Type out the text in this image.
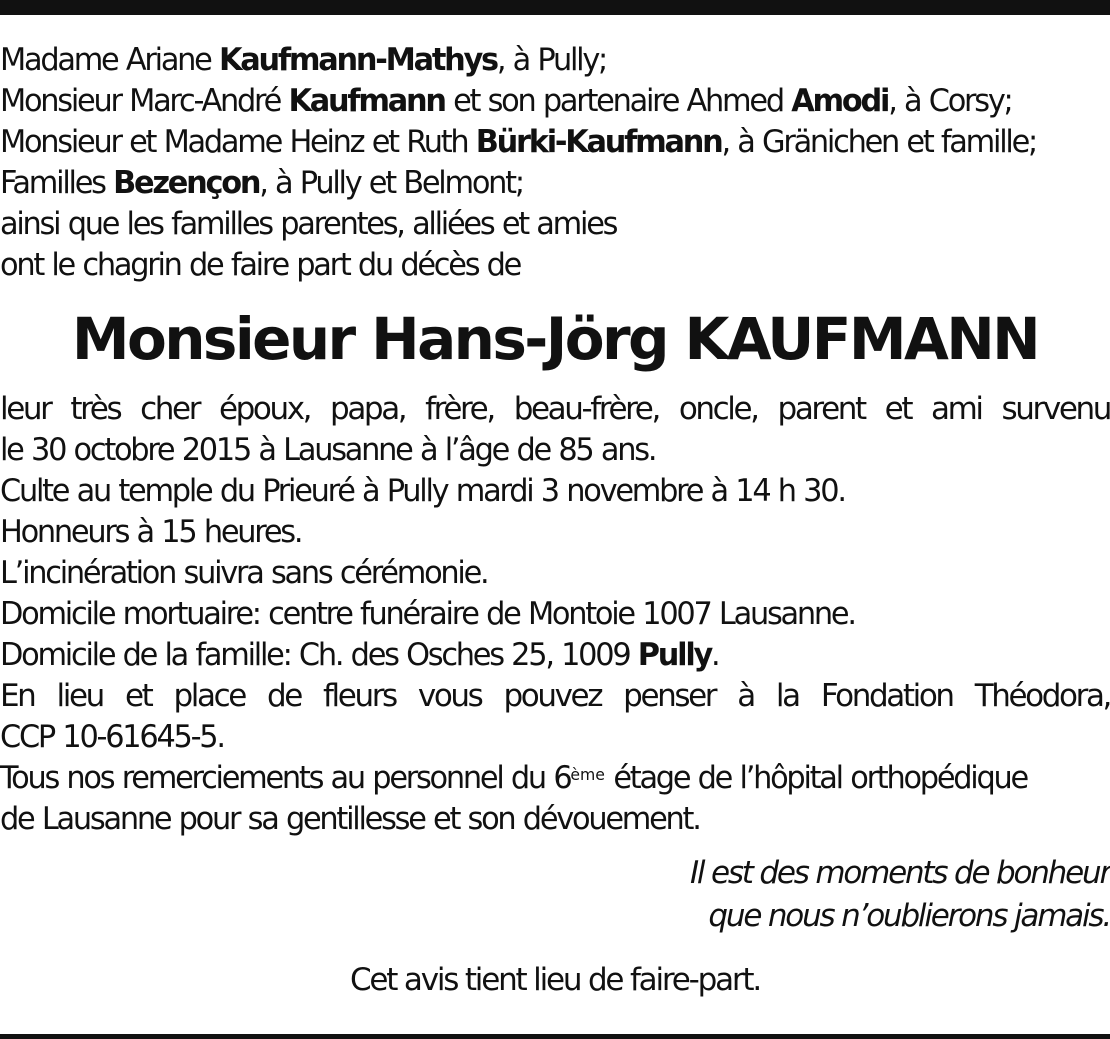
Madame Ariane Kaufmann-Mathys, à Pully;
Monsieur Marc-André Kaufmann et son partenaire Ahmed Amodi, à Corsy;
Monsieur et Madame Heinz et Ruth Bürki-Kaufmann, à Gränichen et famille;
Familles Bezençon, à Pully et Belmont;
ainsi que les familles parentes, alliées et amies
ont le chagrin de faire part du décès de
Monsieur Hans-Jörg KAUFMANN
leur très cher époux, papa, frère, beau-frère, oncle, parent et ami survenu
le 30 octobre 2015 à Lausanne à l’âge de 85 ans.
Culte au temple du Prieuré à Pully mardi 3 novembre à 14 h 30.
Honneurs à 15 heures.
L’incinération suivra sans cérémonie.
Domicile mortuaire: centre funéraire de Montoie 1007 Lausanne.
Domicile de la famille: Ch. des Osches 25, 1009 Pully.
En lieu et place de fleurs vous pouvez penser à la Fondation Théodora,
CCP 10-61645-5.
Tous nos remerciements au personnel du 6ème étage de l’hôpital orthopédique
de Lausanne pour sa gentillesse et son dévouement.
Il est des moments de bonheur
que nous n’oublierons jamais.
Cet avis tient lieu de faire-part.
